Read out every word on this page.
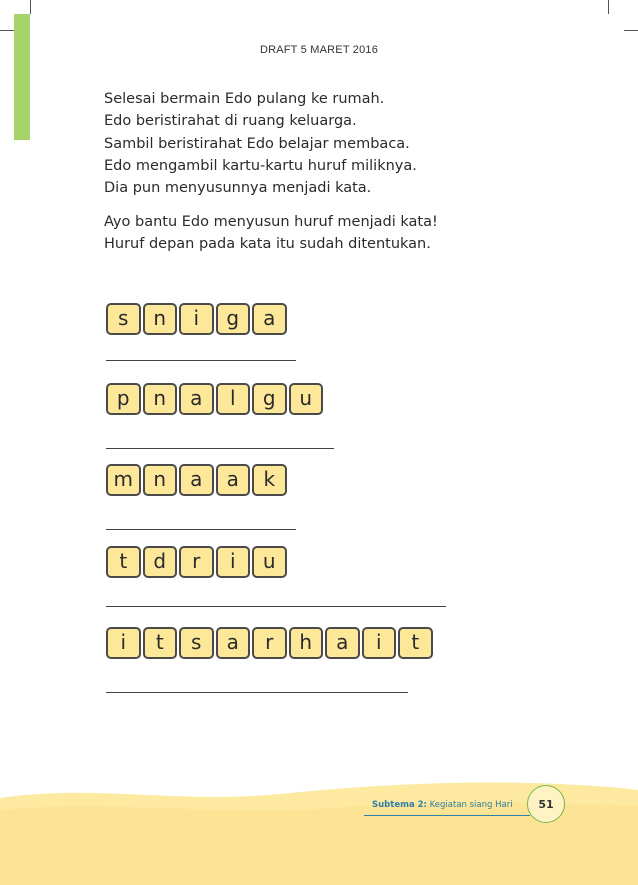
DRAFT 5 MARET 2016
Selesai bermain Edo pulang ke rumah.
Edo beristirahat di ruang keluarga.
Sambil beristirahat Edo belajar membaca.
Edo mengambil kartu-kartu huruf miliknya.
Dia pun menyusunnya menjadi kata.
Ayo bantu Edo menyusun huruf menjadi kata!
Huruf depan pada kata itu sudah ditentukan.
s	n	i	g	a
p	n	a	l	g	u
m	n	a	a	k
t	d	r	i	u
i	t	s	a	r	h	a	i	t
Subtema 2: Kegiatan siang Hari	51
